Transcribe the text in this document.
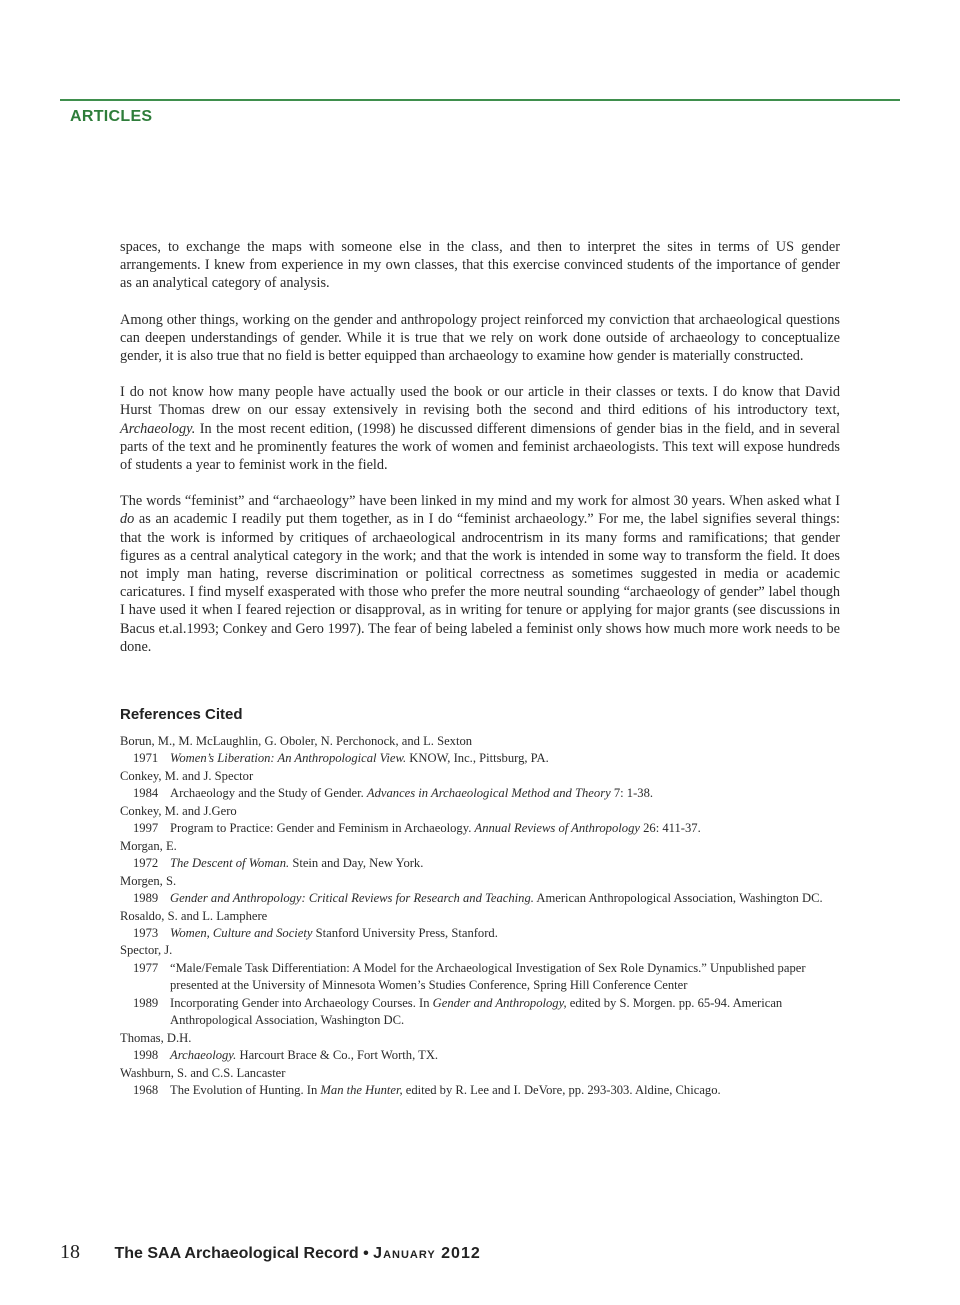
ARTICLES

spaces, to exchange the maps with someone else in the class, and then to interpret the sites in terms of US gender arrangements. I knew from experience in my own classes, that this exercise convinced students of the importance of gender as an analytical category of analysis.

Among other things, working on the gender and anthropology project reinforced my conviction that archaeological questions can deepen understandings of gender. While it is true that we rely on work done outside of archaeology to conceptualize gender, it is also true that no field is better equipped than archaeology to examine how gender is materially constructed.

I do not know how many people have actually used the book or our article in their classes or texts. I do know that David Hurst Thomas drew on our essay extensively in revising both the second and third editions of his introductory text, Archaeology. In the most recent edition, (1998) he discussed different dimensions of gender bias in the field, and in several parts of the text and he prominently features the work of women and feminist archaeologists. This text will expose hundreds of students a year to feminist work in the field.

The words “feminist” and “archaeology” have been linked in my mind and my work for almost 30 years. When asked what I do as an academic I readily put them together, as in I do “feminist archaeology.” For me, the label signifies several things: that the work is informed by critiques of archaeological androcentrism in its many forms and ramifications; that gender figures as a central analytical category in the work; and that the work is intended in some way to transform the field. It does not imply man hating, reverse discrimination or political correctness as sometimes suggested in media or academic caricatures. I find myself exasperated with those who prefer the more neutral sounding “archaeology of gender” label though I have used it when I feared rejection or disapproval, as in writing for tenure or applying for major grants (see discussions in Bacus et.al.1993; Conkey and Gero 1997). The fear of being labeled a feminist only shows how much more work needs to be done.

References Cited
Borun, M., M. McLaughlin, G. Oboler, N. Perchonock, and L. Sexton
1971 Women’s Liberation: An Anthropological View. KNOW, Inc., Pittsburg, PA.
Conkey, M. and J. Spector
1984 Archaeology and the Study of Gender. Advances in Archaeological Method and Theory 7: 1-38.
Conkey, M. and J.Gero
1997 Program to Practice: Gender and Feminism in Archaeology. Annual Reviews of Anthropology 26: 411-37.
Morgan, E.
1972 The Descent of Woman. Stein and Day, New York.
Morgen, S.
1989 Gender and Anthropology: Critical Reviews for Research and Teaching. American Anthropological Association, Washington DC.
Rosaldo, S. and L. Lamphere
1973 Women, Culture and Society Stanford University Press, Stanford.
Spector, J.
1977 “Male/Female Task Differentiation: A Model for the Archaeological Investigation of Sex Role Dynamics.” Unpublished paper presented at the University of Minnesota Women’s Studies Conference, Spring Hill Conference Center
1989 Incorporating Gender into Archaeology Courses. In Gender and Anthropology, edited by S. Morgen. pp. 65-94. American Anthropological Association, Washington DC.
Thomas, D.H.
1998 Archaeology. Harcourt Brace & Co., Fort Worth, TX.
Washburn, S. and C.S. Lancaster
1968 The Evolution of Hunting. In Man the Hunter, edited by R. Lee and I. DeVore, pp. 293-303. Aldine, Chicago.
18 The SAA Archaeological Record • January 2012
